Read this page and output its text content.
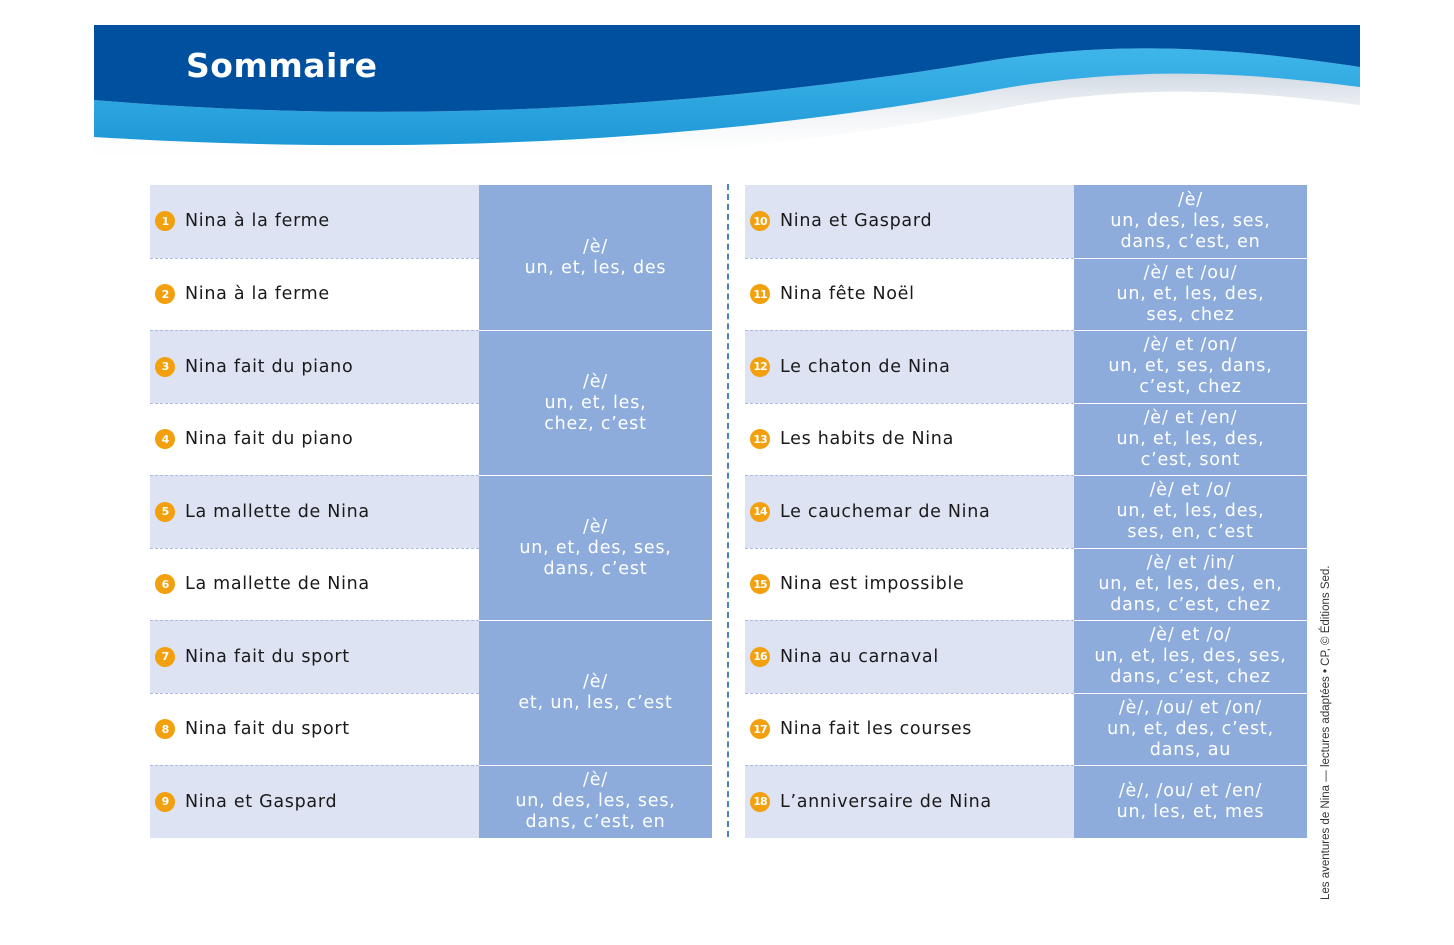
Sommaire
1 Nina à la ferme
2 Nina à la ferme
3 Nina fait du piano
4 Nina fait du piano
5 La mallette de Nina
6 La mallette de Nina
7 Nina fait du sport
8 Nina fait du sport
9 Nina et Gaspard
/è/
un, et, les, des
/è/
un, et, les,
chez, c’est
/è/
un, et, des, ses,
dans, c’est
/è/
et, un, les, c’est
/è/
un, des, les, ses,
dans, c’est, en
10 Nina et Gaspard
11 Nina fête Noël
12 Le chaton de Nina
13 Les habits de Nina
14 Le cauchemar de Nina
15 Nina est impossible
16 Nina au carnaval
17 Nina fait les courses
18 L’anniversaire de Nina
/è/
un, des, les, ses,
dans, c’est, en
/è/ et /ou/
un, et, les, des,
ses, chez
/è/ et /on/
un, et, ses, dans,
c’est, chez
/è/ et /en/
un, et, les, des,
c’est, sont
/è/ et /o/
un, et, les, des,
ses, en, c’est
/è/ et /in/
un, et, les, des, en,
dans, c’est, chez
/è/ et /o/
un, et, les, des, ses,
dans, c’est, chez
/è/, /ou/ et /on/
un, et, des, c’est,
dans, au
/è/, /ou/ et /en/
un, les, et, mes	Les aventures de Nina — lectures adaptées • CP, © Éditions Sed.
